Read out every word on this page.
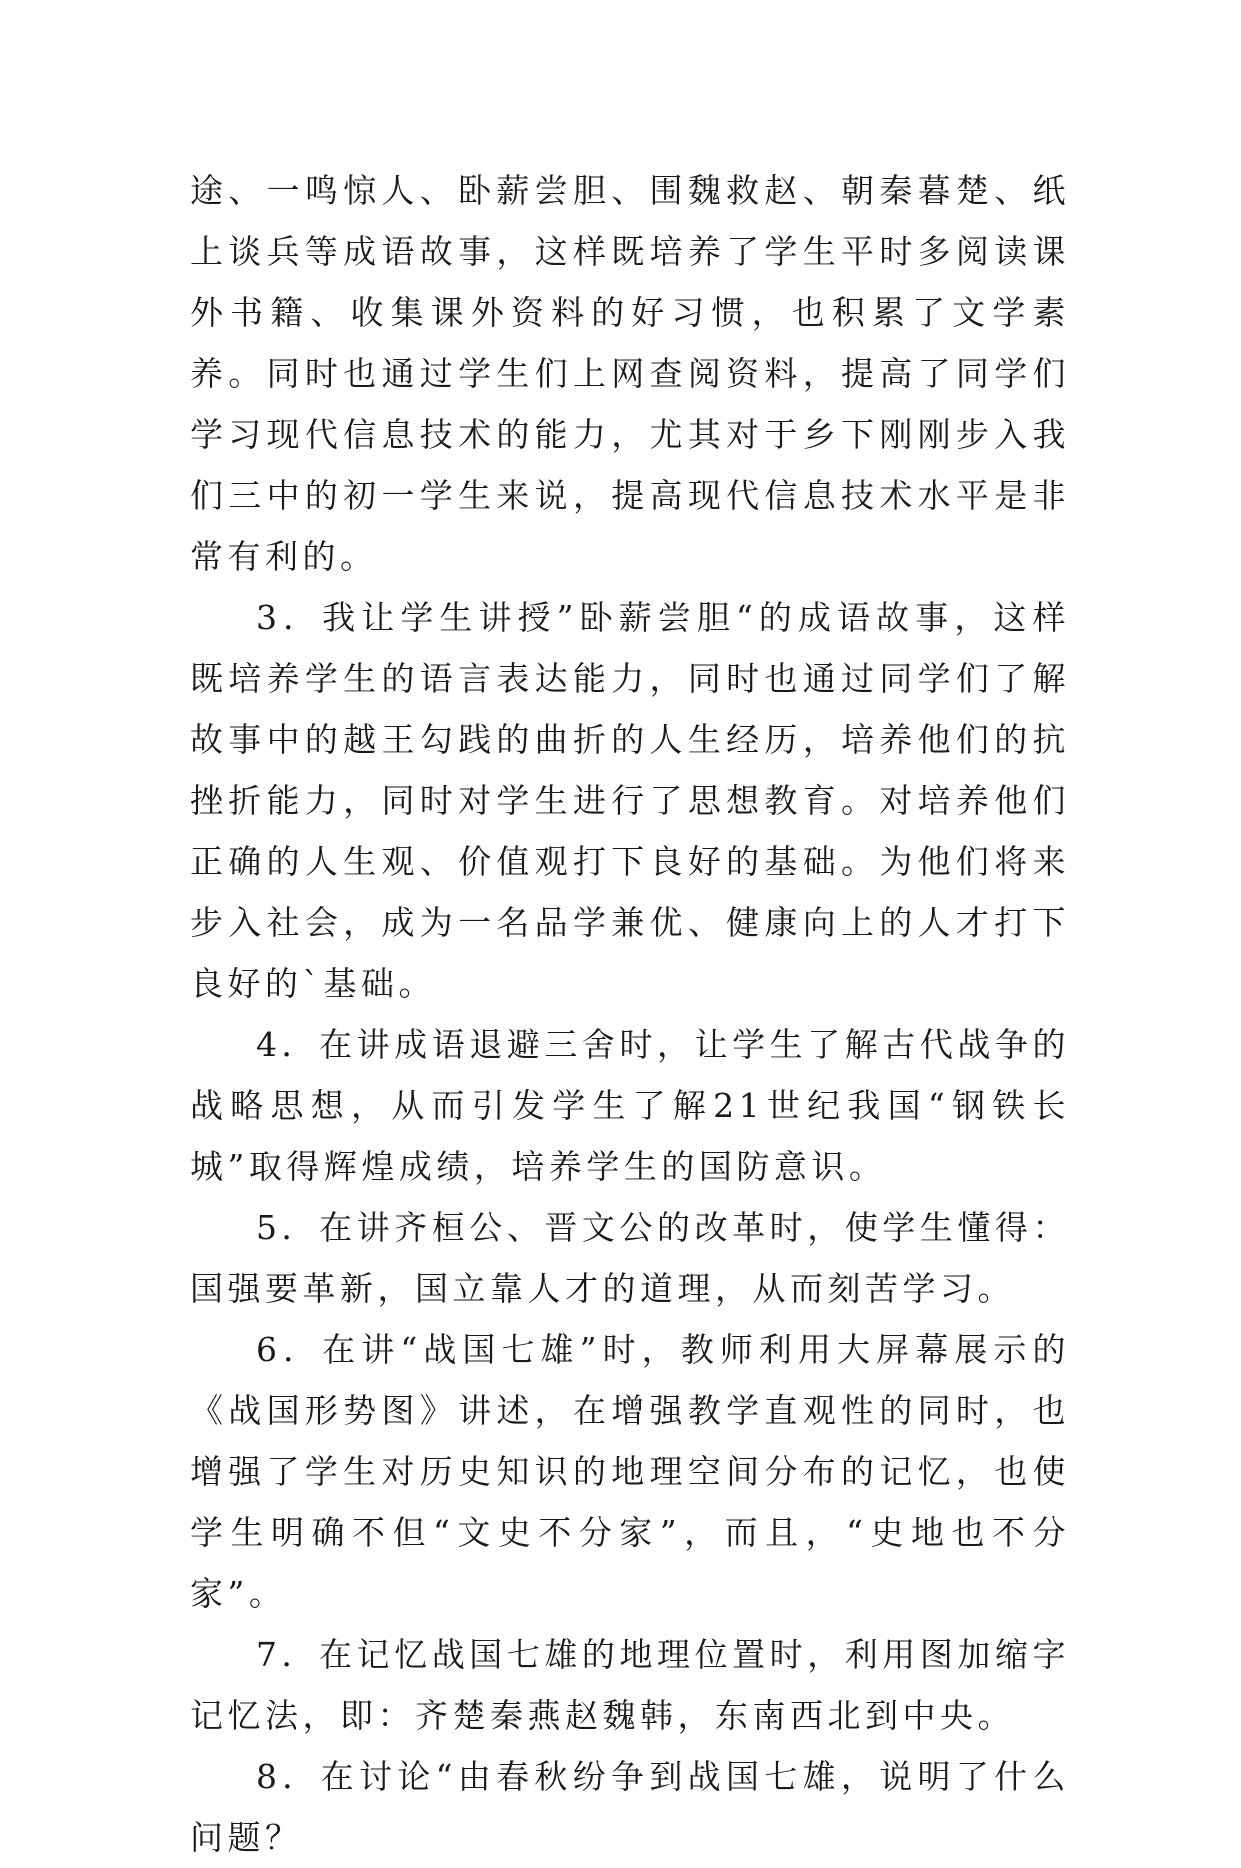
途、一鸣惊人、卧薪尝胆、围魏救赵、朝秦暮楚、纸上谈兵等成语故事，这样既培养了学生平时多阅读课外书籍、收集课外资料的好习惯，也积累了文学素养。同时也通过学生们上网查阅资料，提高了同学们学习现代信息技术的能力，尤其对于乡下刚刚步入我们三中的初一学生来说，提高现代信息技术水平是非常有利的。

3．我让学生讲授”卧薪尝胆“的成语故事，这样既培养学生的语言表达能力，同时也通过同学们了解故事中的越王勾践的曲折的人生经历，培养他们的抗挫折能力，同时对学生进行了思想教育。对培养他们正确的人生观、价值观打下良好的基础。为他们将来步入社会，成为一名品学兼优、健康向上的人才打下良好的`基础。

4．在讲成语退避三舍时，让学生了解古代战争的战略思想，从而引发学生了解21世纪我国“钢铁长城”取得辉煌成绩，培养学生的国防意识。

5．在讲齐桓公、晋文公的改革时，使学生懂得：国强要革新，国立靠人才的道理，从而刻苦学习。

6．在讲“战国七雄”时，教师利用大屏幕展示的《战国形势图》讲述，在增强教学直观性的同时，也增强了学生对历史知识的地理空间分布的记忆，也使学生明确不但“文史不分家”，而且，“史地也不分家”。

7．在记忆战国七雄的地理位置时，利用图加缩字记忆法，即：齐楚秦燕赵魏韩，东南西北到中央。

8．在讨论“由春秋纷争到战国七雄，说明了什么问题？
